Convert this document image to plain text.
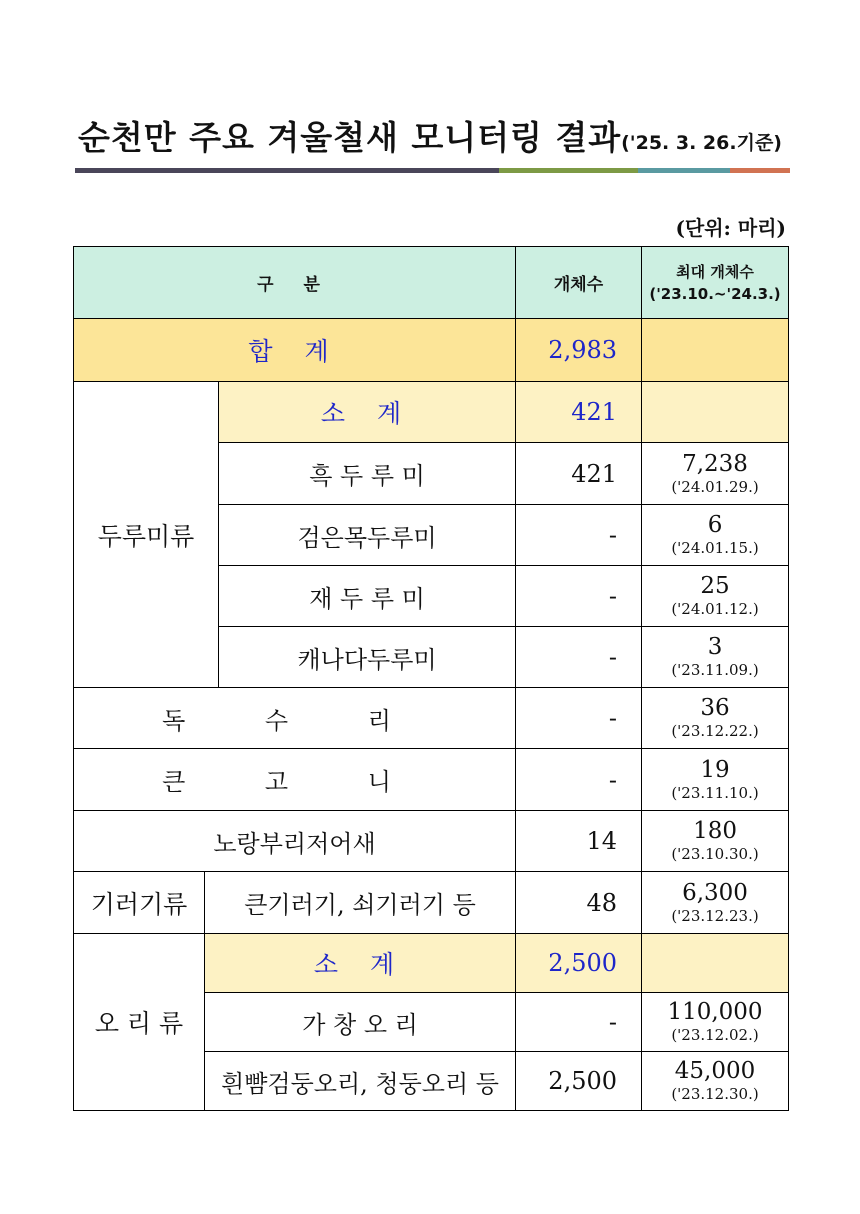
순천만 주요 겨울철새 모니터링 결과('25. 3. 26.기준)
(단위: 마리)
구 분			개체수	최대 개체수
('23.10.~'24.3.)
합 계			2,983	
두루미류		소 계	421	
		흑 두 루 미	421	7,238
('24.01.29.)

		검은목두루미	-	6
('24.01.15.)

		재 두 루 미	-	25
('24.01.12.)

		캐나다두루미	-	3
('23.11.09.)

독 수 리			-	36
('23.12.22.)

큰 고 니			-	19
('23.11.10.)

노랑부리저어새			14	180
('23.10.30.)

기러기류	큰기러기, 쇠기러기 등		48	6,300
('23.12.23.)

오 리 류	소 계		2,500	
	가 창 오 리		-	110,000
('23.12.02.)

	흰뺨검둥오리, 청둥오리 등		2,500	45,000
('23.12.30.)
